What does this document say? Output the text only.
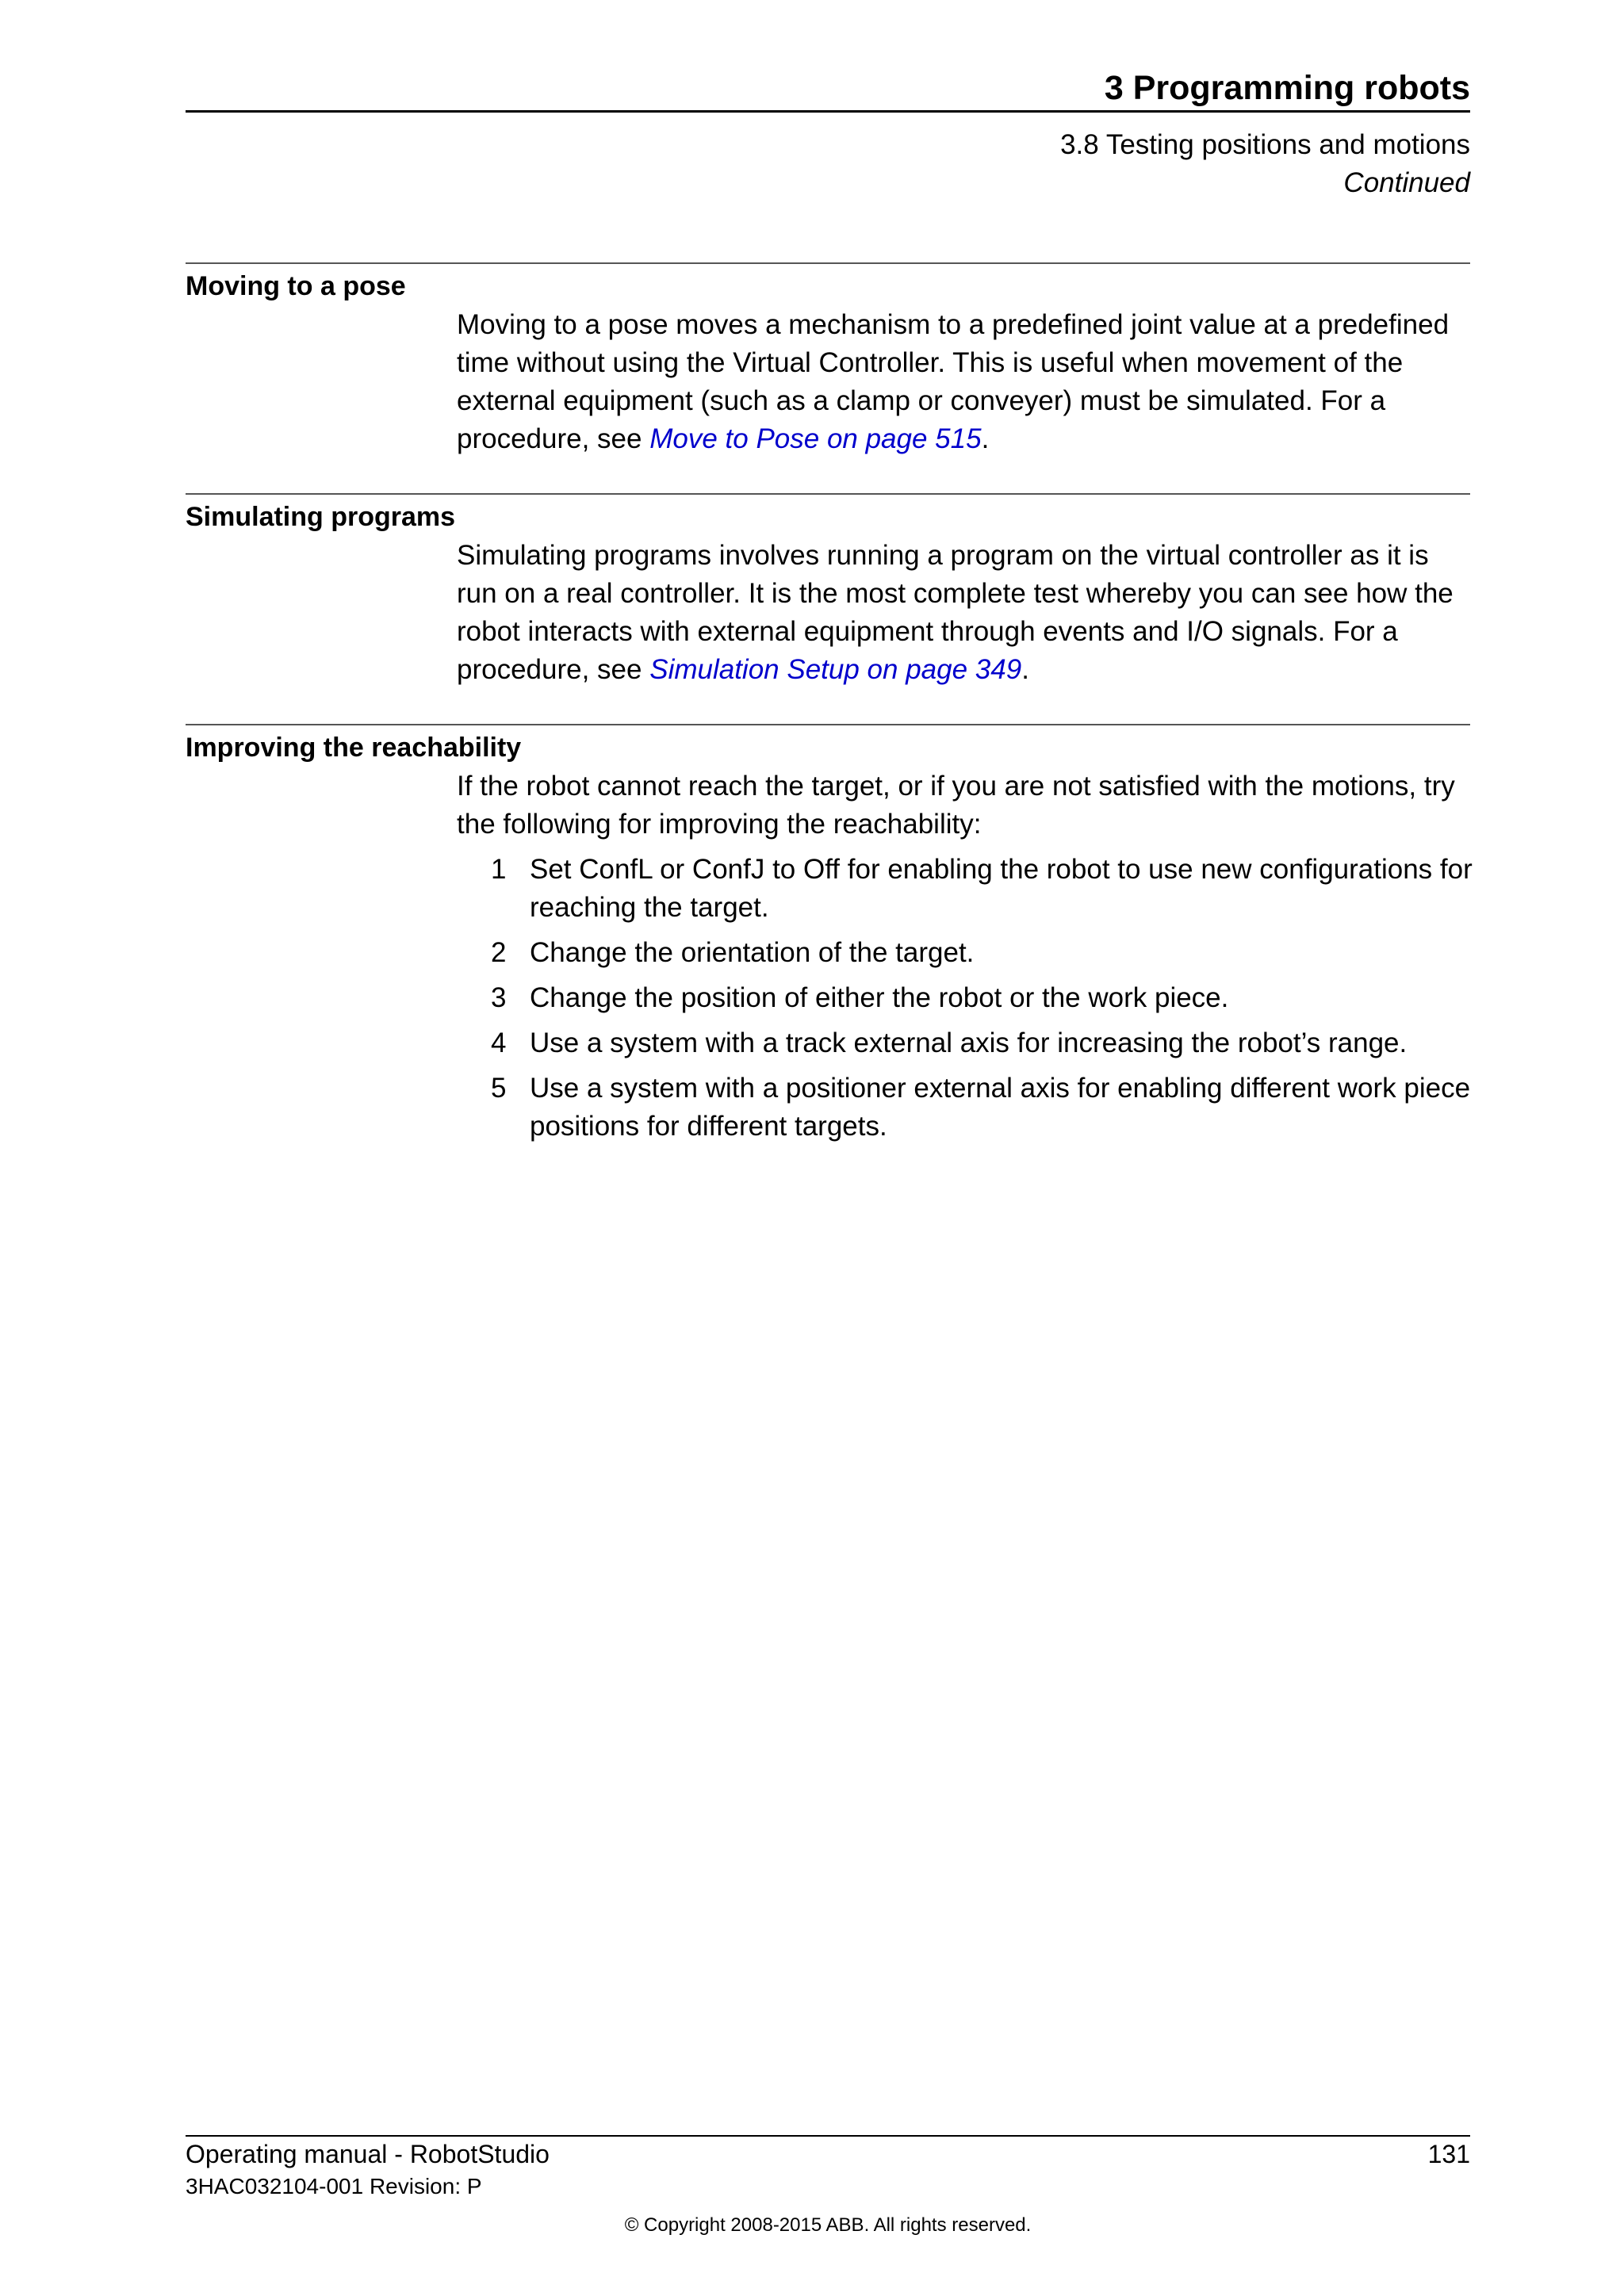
3 Programming robots
3.8 Testing positions and motions
Continued
Moving to a pose
Moving to a pose moves a mechanism to a predefined joint value at a predefined time without using the Virtual Controller. This is useful when movement of the external equipment (such as a clamp or conveyer) must be simulated. For a procedure, see Move to Pose on page 515.
Simulating programs
Simulating programs involves running a program on the virtual controller as it is run on a real controller. It is the most complete test whereby you can see how the robot interacts with external equipment through events and I/O signals. For a procedure, see Simulation Setup on page 349.
Improving the reachability
If the robot cannot reach the target, or if you are not satisfied with the motions, try the following for improving the reachability:
1 Set ConfL or ConfJ to Off for enabling the robot to use new configurations for reaching the target.
2 Change the orientation of the target.
3 Change the position of either the robot or the work piece.
4 Use a system with a track external axis for increasing the robot’s range.
5 Use a system with a positioner external axis for enabling different work piece positions for different targets.
Operating manual - RobotStudio	131
3HAC032104-001 Revision: P
© Copyright 2008-2015 ABB. All rights reserved.
